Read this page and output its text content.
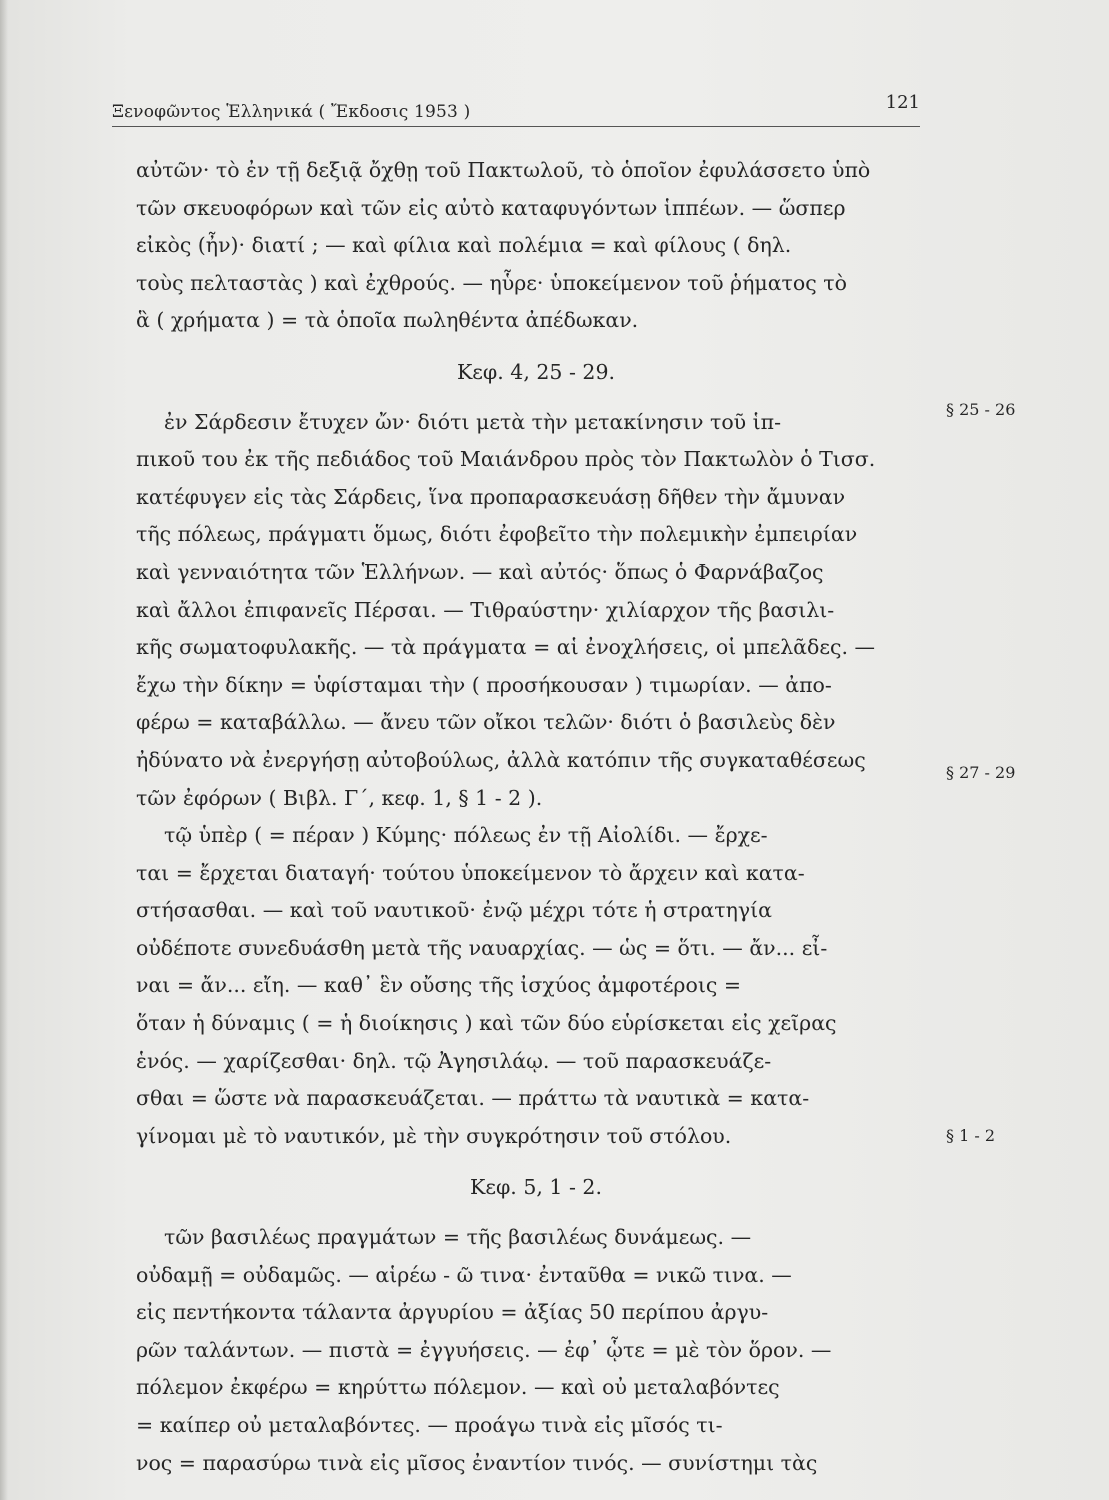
Ξενοφῶντος Ἑλληνικά ( Ἔκδοσις 1953 )	121
αὐτῶν· τὸ ἐν τῇ δεξιᾷ ὄχθῃ τοῦ Πακτωλοῦ, τὸ ὁποῖον ἐφυλάσσετο ὑπὸ
τῶν σκευοφόρων καὶ τῶν εἰς αὐτὸ καταφυγόντων ἱππέων. — ὥσπερ
εἰκὸς (ἦν)· διατί ; — καὶ φίλια καὶ πολέμια = καὶ φίλους ( δηλ.
τοὺς πελταστὰς ) καὶ ἐχθρούς. — ηὗρε· ὑποκείμενον τοῦ ῥήματος τὸ
ἃ ( χρήματα ) = τὰ ὁποῖα πωληθέντα ἀπέδωκαν.
Κεφ. 4, 25 - 29.
ἐν Σάρδεσιν ἔτυχεν ὤν· διότι μετὰ τὴν μετακίνησιν τοῦ ἱπ-
πικοῦ του ἐκ τῆς πεδιάδος τοῦ Μαιάνδρου πρὸς τὸν Πακτωλὸν ὁ Τισσ.
κατέφυγεν εἰς τὰς Σάρδεις, ἵνα προπαρασκευάσῃ δῆθεν τὴν ἄμυναν
τῆς πόλεως, πράγματι ὅμως, διότι ἐφοβεῖτο τὴν πολεμικὴν ἐμπειρίαν
καὶ γενναιότητα τῶν Ἑλλήνων. — καὶ αὐτός· ὅπως ὁ Φαρνάβαζος
καὶ ἄλλοι ἐπιφανεῖς Πέρσαι. — Τιθραύστην· χιλίαρχον τῆς βασιλι-
κῆς σωματοφυλακῆς. — τὰ πράγματα = αἱ ἐνοχλήσεις, οἱ μπελᾶδες. —
ἔχω τὴν δίκην = ὑφίσταμαι τὴν ( προσήκουσαν ) τιμωρίαν. — ἀπο-
φέρω = καταβάλλω. — ἄνευ τῶν οἴκοι τελῶν· διότι ὁ βασιλεὺς δὲν
ἠδύνατο νὰ ἐνεργήσῃ αὐτοβούλως, ἀλλὰ κατόπιν τῆς συγκαταθέσεως
τῶν ἐφόρων ( Βιβλ. Γ΄, κεφ. 1, § 1 - 2 ).
τῷ ὑπὲρ ( = πέραν ) Κύμης· πόλεως ἐν τῇ Αἰολίδι. — ἔρχε-
ται = ἔρχεται διαταγή· τούτου ὑποκείμενον τὸ ἄρχειν καὶ κατα-
στήσασθαι. — καὶ τοῦ ναυτικοῦ· ἐνῷ μέχρι τότε ἡ στρατηγία
οὐδέποτε συνεδυάσθη μετὰ τῆς ναυαρχίας. — ὡς = ὅτι. — ἄν... εἶ-
ναι = ἄν... εἴη. — καθ᾽ ἓν οὔσης τῆς ἰσχύος ἀμφοτέροις =
ὅταν ἡ δύναμις ( = ἡ διοίκησις ) καὶ τῶν δύο εὑρίσκεται εἰς χεῖρας
ἑνός. — χαρίζεσθαι· δηλ. τῷ Ἀγησιλάῳ. — τοῦ παρασκευάζε-
σθαι = ὥστε νὰ παρασκευάζεται. — πράττω τὰ ναυτικὰ = κατα-
γίνομαι μὲ τὸ ναυτικόν, μὲ τὴν συγκρότησιν τοῦ στόλου.
Κεφ. 5, 1 - 2.
τῶν βασιλέως πραγμάτων = τῆς βασιλέως δυνάμεως. —
οὐδαμῇ = οὐδαμῶς. — αἱρέω - ῶ τινα· ἐνταῦθα = νικῶ τινα. —
εἰς πεντήκοντα τάλαντα ἀργυρίου = ἀξίας 50 περίπου ἀργυ-
ρῶν ταλάντων. — πιστὰ = ἐγγυήσεις. — ἐφ᾽ ᾧτε = μὲ τὸν ὅρον. —
πόλεμον ἐκφέρω = κηρύττω πόλεμον. — καὶ οὐ μεταλαβόντες
= καίπερ οὐ μεταλαβόντες. — προάγω τινὰ εἰς μῖσός τι-
νος = παρασύρω τινὰ εἰς μῖσος ἐναντίον τινός. — συνίστημι τὰς
§ 25 - 26
§ 27 - 29
§ 1 - 2
